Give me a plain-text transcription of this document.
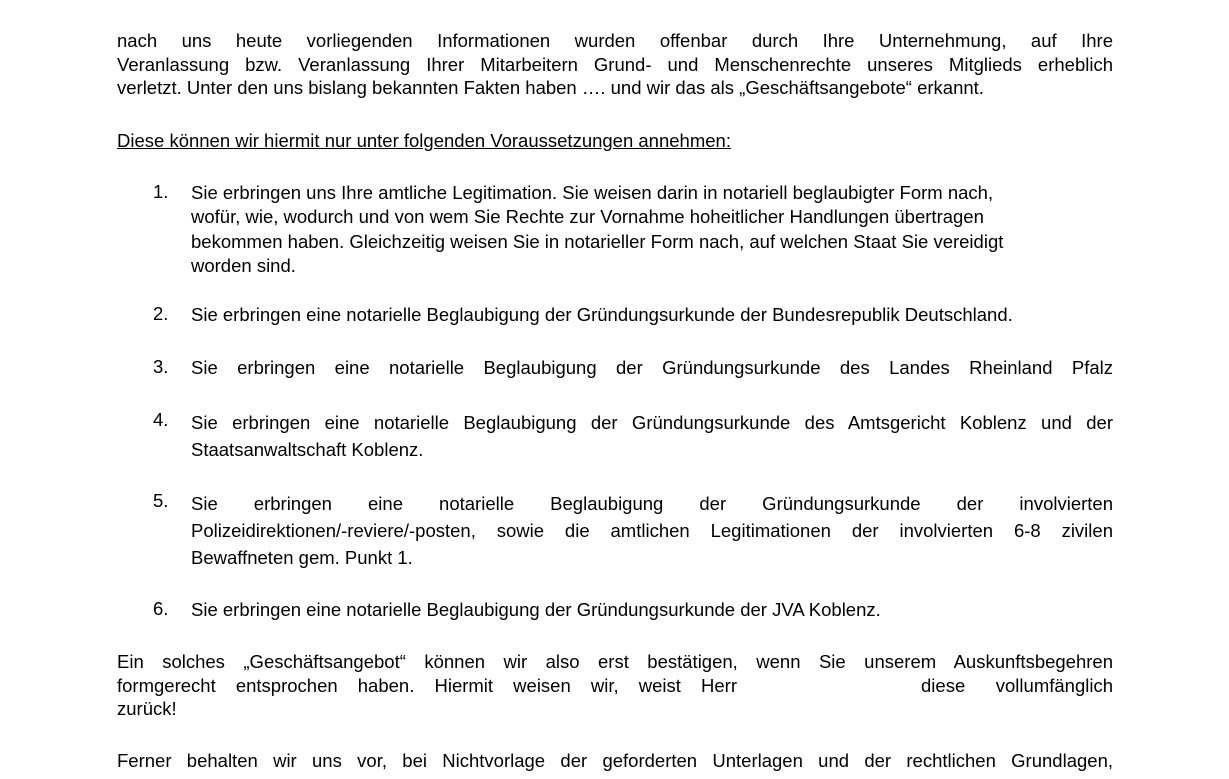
nach uns heute vorliegenden Informationen wurden offenbar durch Ihre Unternehmung, auf Ihre
Veranlassung bzw. Veranlassung Ihrer Mitarbeitern Grund- und Menschenrechte unseres Mitglieds erheblich
verletzt. Unter den uns bislang bekannten Fakten haben …. und wir das als „Geschäftsangebote“ erkannt.
Diese können wir hiermit nur unter folgenden Voraussetzungen annehmen:
1.	Sie erbringen uns Ihre amtliche Legitimation. Sie weisen darin in notariell beglaubigter Form nach,
wofür, wie, wodurch und von wem Sie Rechte zur Vornahme hoheitlicher Handlungen übertragen
bekommen haben. Gleichzeitig weisen Sie in notarieller Form nach, auf welchen Staat Sie vereidigt
worden sind.
2.	Sie erbringen eine notarielle Beglaubigung der Gründungsurkunde der Bundesrepublik Deutschland.
3.	Sie erbringen eine notarielle Beglaubigung der Gründungsurkunde des Landes Rheinland Pfalz
4.	Sie erbringen eine notarielle Beglaubigung der Gründungsurkunde des Amtsgericht Koblenz und der
Staatsanwaltschaft Koblenz.
5.	Sie erbringen eine notarielle Beglaubigung der Gründungsurkunde der involvierten
Polizeidirektionen/-reviere/-posten, sowie die amtlichen Legitimationen der involvierten 6-8 zivilen
Bewaffneten gem. Punkt 1.
6.	Sie erbringen eine notarielle Beglaubigung der Gründungsurkunde der JVA Koblenz.
Ein solches „Geschäftsangebot“ können wir also erst bestätigen, wenn Sie unserem Auskunftsbegehren
formgerecht entsprochen haben. Hiermit weisen wir, weist Herr	diese vollumfänglich
zurück!
Ferner behalten wir uns vor, bei Nichtvorlage der geforderten Unterlagen und der rechtlichen Grundlagen,
